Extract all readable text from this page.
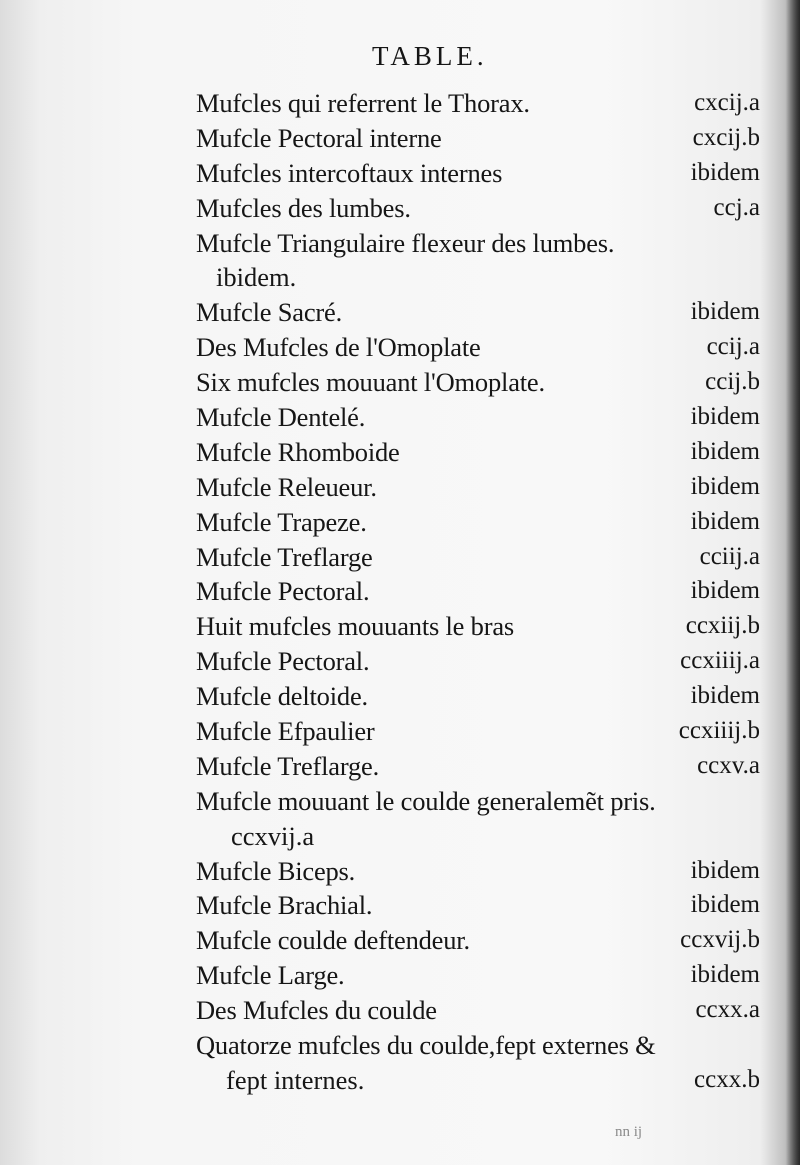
TABLE.
Mufcles qui referrent le Thorax.	cxcij.a
Mufcle Pectoral interne	cxcij.b
Mufcles intercoftaux internes	ibidem
Mufcles des lumbes.	ccj.a
Mufcle Triangulaire flexeur des lumbes.
ibidem.
Mufcle Sacré.	ibidem
Des Mufcles de l'Omoplate	ccij.a
Six mufcles mouuant l'Omoplate.	ccij.b
Mufcle Dentelé.	ibidem
Mufcle Rhomboide	ibidem
Mufcle Releueur.	ibidem
Mufcle Trapeze.	ibidem
Mufcle Treflarge	cciij.a
Mufcle Pectoral.	ibidem
Huit mufcles mouuants le bras	ccxiij.b
Mufcle Pectoral.	ccxiiij.a
Mufcle deltoide.	ibidem
Mufcle Efpaulier	ccxiiij.b
Mufcle Treflarge.	ccxv.a
Mufcle mouuant le coulde generalemẽt pris.
ccxvij.a
Mufcle Biceps.	ibidem
Mufcle Brachial.	ibidem
Mufcle coulde deftendeur.	ccxvij.b
Mufcle Large.	ibidem
Des Mufcles du coulde	ccxx.a
Quatorze mufcles du coulde,fept externes &
fept internes.	ccxx.b
nn ij
